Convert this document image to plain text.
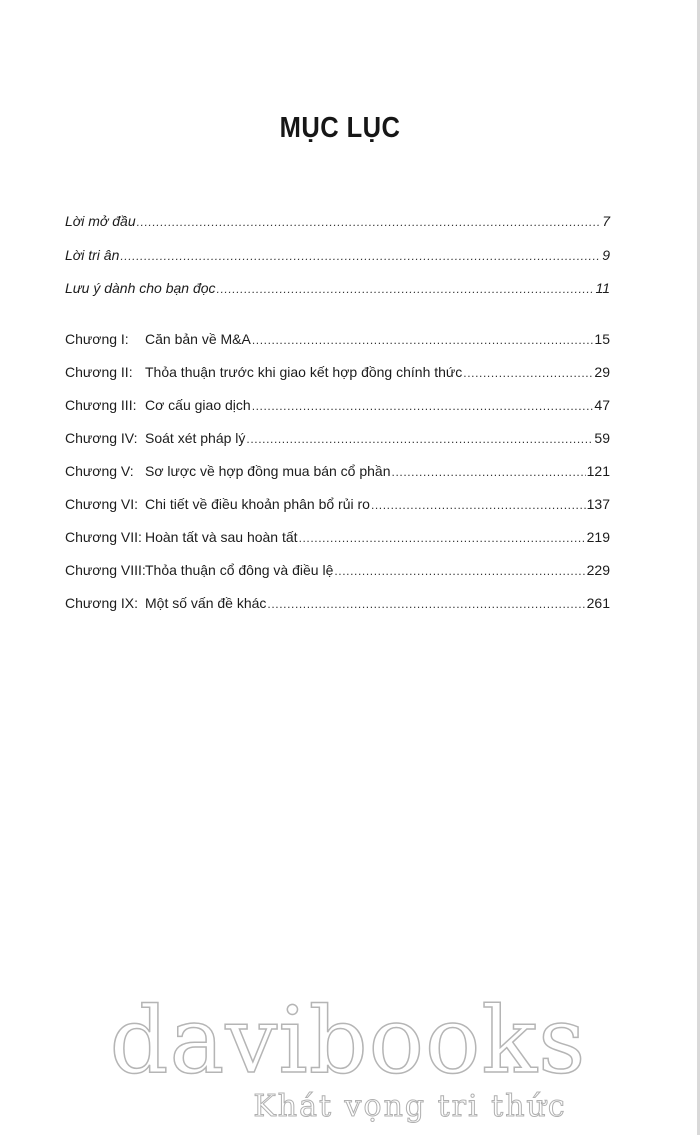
MỤC LỤC
Lời mở đầu .....	7
Lời tri ân .....	9
Lưu ý dành cho bạn đọc .....	11
Chương I:	Căn bản về M&A .....	15
Chương II: Thỏa thuận trước khi giao kết hợp đồng chính thức .....	29
Chương III: Cơ cấu giao dịch .....	47
Chương IV: Soát xét pháp lý .....	59
Chương V: Sơ lược về hợp đồng mua bán cổ phần .....	121
Chương VI: Chi tiết về điều khoản phân bổ rủi ro .....	137
Chương VII: Hoàn tất và sau hoàn tất .....	219
Chương VIII: Thỏa thuận cổ đông và điều lệ .....	229
Chương IX: Một số vấn đề khác .....	261
davibooks
Khát vọng tri thức
